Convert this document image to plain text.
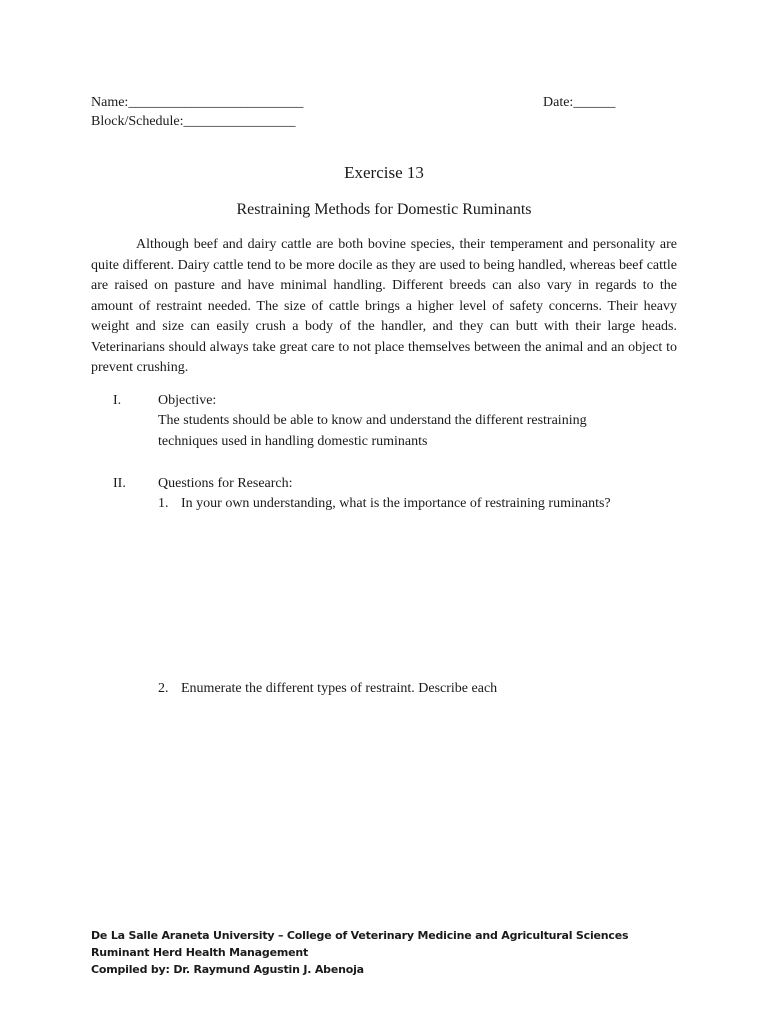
Name:_________________________	Date:______
Block/Schedule:________________
Exercise 13
Restraining Methods for Domestic Ruminants
Although beef and dairy cattle are both bovine species, their temperament and personality are quite different. Dairy cattle tend to be more docile as they are used to being handled, whereas beef cattle are raised on pasture and have minimal handling. Different breeds can also vary in regards to the amount of restraint needed. The size of cattle brings a higher level of safety concerns. Their heavy weight and size can easily crush a body of the handler, and they can butt with their large heads. Veterinarians should always take great care to not place themselves between the animal and an object to prevent crushing.
I.	Objective:
The students should be able to know and understand the different restraining
techniques used in handling domestic ruminants
II. Questions for Research:
1. In your own understanding, what is the importance of restraining ruminants?
2. Enumerate the different types of restraint. Describe each
De La Salle Araneta University – College of Veterinary Medicine and Agricultural Sciences
Ruminant Herd Health Management
Compiled by: Dr. Raymund Agustin J. Abenoja
